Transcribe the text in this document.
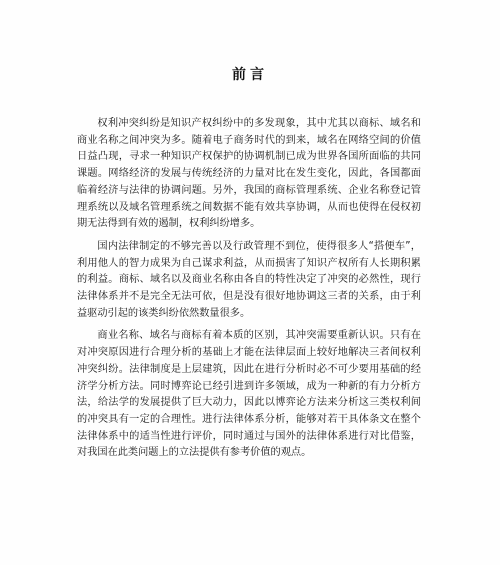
前言

权利冲突纠纷是知识产权纠纷中的多发现象，其中尤其以商标、域名和商业名称之间冲突为多。随着电子商务时代的到来，域名在网络空间的价值日益凸现，寻求一种知识产权保护的协调机制已成为世界各国所面临的共同课题。网络经济的发展与传统经济的力量对比在发生变化，因此，各国都面临着经济与法律的协调问题。另外，我国的商标管理系统、企业名称登记管理系统以及域名管理系统之间数据不能有效共享协调，从而也使得在侵权初期无法得到有效的遏制，权利纠纷增多。

国内法律制定的不够完善以及行政管理不到位，使得很多人“搭便车”，利用他人的智力成果为自己谋求利益，从而损害了知识产权所有人长期积累的利益。商标、域名以及商业名称由各自的特性决定了冲突的必然性，现行法律体系并不是完全无法可依，但是没有很好地协调这三者的关系，由于利益驱动引起的该类纠纷依然数量很多。

商业名称、域名与商标有着本质的区别，其冲突需要重新认识。只有在对冲突原因进行合理分析的基础上才能在法律层面上较好地解决三者间权利冲突纠纷。法律制度是上层建筑，因此在进行分析时必不可少要用基础的经济学分析方法。同时博弈论已经引进到许多领域，成为一种新的有力分析方法，给法学的发展提供了巨大动力，因此以博弈论方法来分析这三类权利间的冲突具有一定的合理性。进行法律体系分析，能够对若干具体条文在整个法律体系中的适当性进行评价，同时通过与国外的法律体系进行对比借鉴，对我国在此类问题上的立法提供有参考价值的观点。
